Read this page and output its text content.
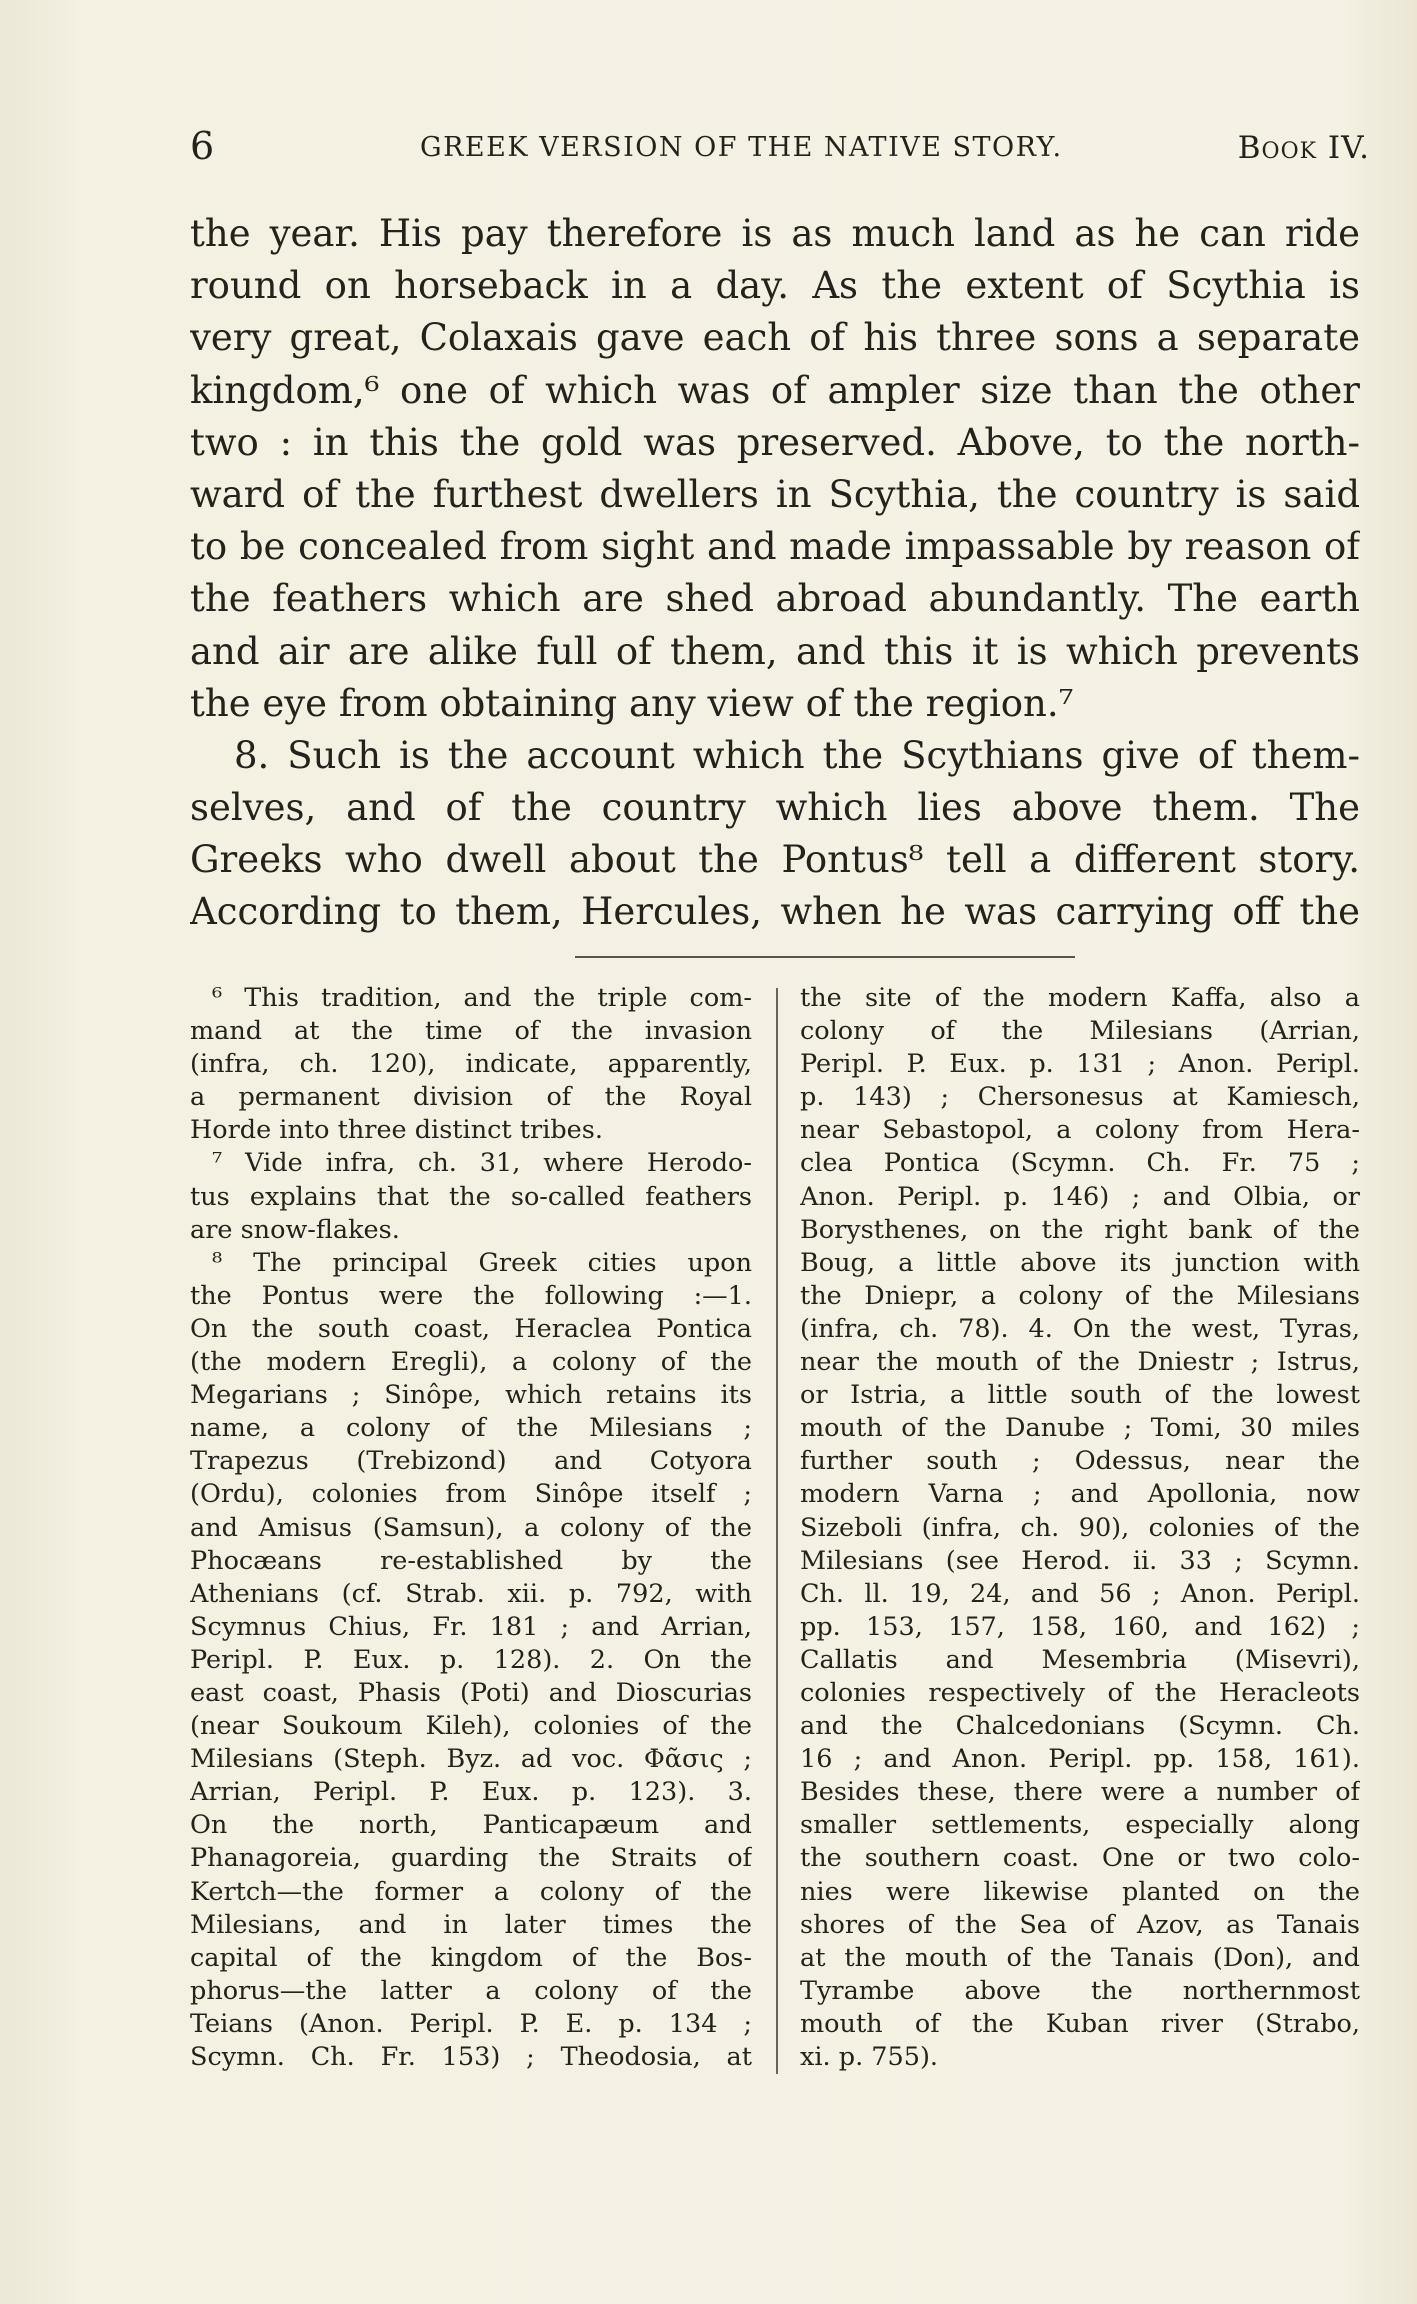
6	GREEK VERSION OF THE NATIVE STORY.	Book IV.
the year. His pay therefore is as much land as he can ride
round on horseback in a day. As the extent of Scythia is
very great, Colaxais gave each of his three sons a separate
kingdom,⁶ one of which was of ampler size than the other
two : in this the gold was preserved. Above, to the north-
ward of the furthest dwellers in Scythia, the country is said
to be concealed from sight and made impassable by reason of
the feathers which are shed abroad abundantly. The earth
and air are alike full of them, and this it is which prevents
the eye from obtaining any view of the region.⁷
8. Such is the account which the Scythians give of them-
selves, and of the country which lies above them. The
Greeks who dwell about the Pontus⁸ tell a different story.
According to them, Hercules, when he was carrying off the
⁶ This tradition, and the triple com-
mand at the time of the invasion
(infra, ch. 120), indicate, apparently,
a permanent division of the Royal
Horde into three distinct tribes.
⁷ Vide infra, ch. 31, where Herodo-
tus explains that the so-called feathers
are snow-flakes.
⁸ The principal Greek cities upon
the Pontus were the following :—1.
On the south coast, Heraclea Pontica
(the modern Eregli), a colony of the
Megarians ; Sinôpe, which retains its
name, a colony of the Milesians ;
Trapezus (Trebizond) and Cotyora
(Ordu), colonies from Sinôpe itself ;
and Amisus (Samsun), a colony of the
Phocæans re-established by the
Athenians (cf. Strab. xii. p. 792, with
Scymnus Chius, Fr. 181 ; and Arrian,
Peripl. P. Eux. p. 128). 2. On the
east coast, Phasis (Poti) and Dioscurias
(near Soukoum Kileh), colonies of the
Milesians (Steph. Byz. ad voc. Φᾶσις ;
Arrian, Peripl. P. Eux. p. 123). 3.
On the north, Panticapæum and
Phanagoreia, guarding the Straits of
Kertch—the former a colony of the
Milesians, and in later times the
capital of the kingdom of the Bos-
phorus—the latter a colony of the
Teians (Anon. Peripl. P. E. p. 134 ;
Scymn. Ch. Fr. 153) ; Theodosia, at
the site of the modern Kaffa, also a
colony of the Milesians (Arrian,
Peripl. P. Eux. p. 131 ; Anon. Peripl.
p. 143) ; Chersonesus at Kamiesch,
near Sebastopol, a colony from Hera-
clea Pontica (Scymn. Ch. Fr. 75 ;
Anon. Peripl. p. 146) ; and Olbia, or
Borysthenes, on the right bank of the
Boug, a little above its junction with
the Dniepr, a colony of the Milesians
(infra, ch. 78). 4. On the west, Tyras,
near the mouth of the Dniestr ; Istrus,
or Istria, a little south of the lowest
mouth of the Danube ; Tomi, 30 miles
further south ; Odessus, near the
modern Varna ; and Apollonia, now
Sizeboli (infra, ch. 90), colonies of the
Milesians (see Herod. ii. 33 ; Scymn.
Ch. ll. 19, 24, and 56 ; Anon. Peripl.
pp. 153, 157, 158, 160, and 162) ;
Callatis and Mesembria (Misevri),
colonies respectively of the Heracleots
and the Chalcedonians (Scymn. Ch.
16 ; and Anon. Peripl. pp. 158, 161).
Besides these, there were a number of
smaller settlements, especially along
the southern coast. One or two colo-
nies were likewise planted on the
shores of the Sea of Azov, as Tanais
at the mouth of the Tanais (Don), and
Tyrambe above the northernmost
mouth of the Kuban river (Strabo,
xi. p. 755).
